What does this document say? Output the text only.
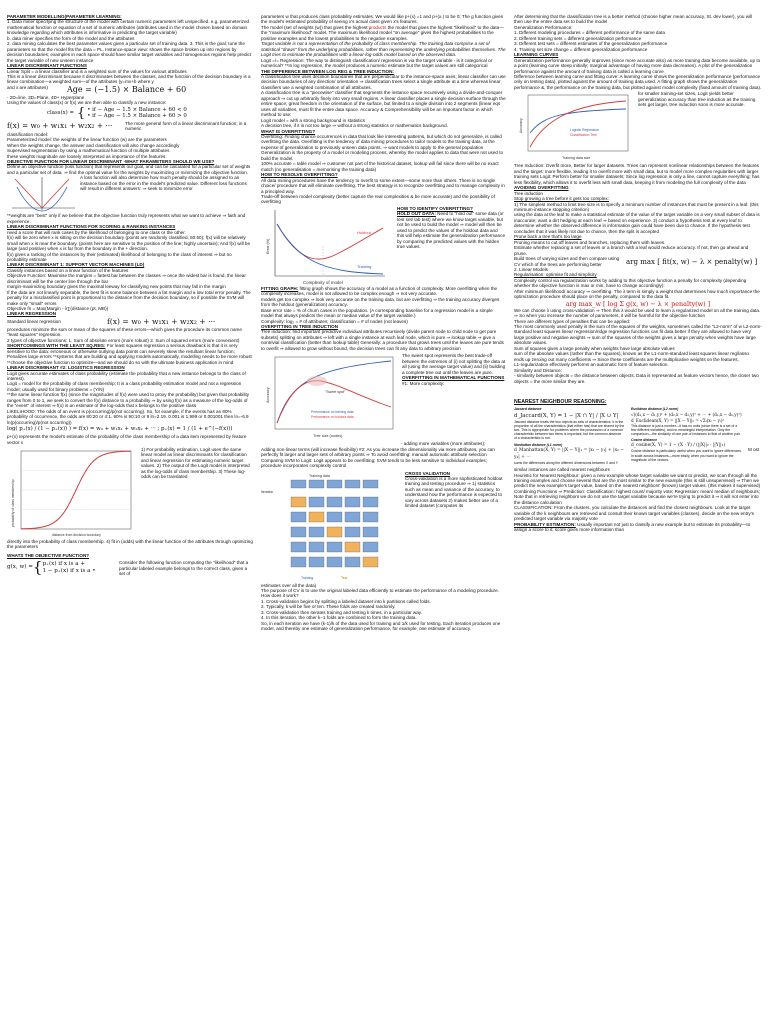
PARAMETER MODELLING(PARAMETER LEARNING:

1. Data miner specifying the structure of the model with certain numeric parameters left unspecified. e.g. parameterized mathematical function or equation of a set of numeric attributes (attributes used in the model chosen based on domain knowledge regarding which attributes is informative in predicting the target variable)

b. data miner specifies the form of the model and the attributes

2. data mining calculates the best parameter values given a particular set of training data. 3. This is the goal; tune the parameters so that the model fits the data = PL. Instance-space view: shows the space broken up into regions by decision boundaries; examples in each space should have similar target variables and homogenous regions help predict the target variable of new unseen instance

LINEAR DISCRIMINANT FUNCTIONS

Linear Split = a linear classifier and is a weighted sum of the values for various attributes

This is a linear discriminant because it discriminates between the classes, and the function of the decision boundary is a linear combination—a weighted sum—of the attributes (y=mx+b where y

and x are attributes)	Age = (−1.5) × Balance + 60

- 2D=line, 3D=Plane, 4D+ Hyperplane

Using the values of class(x) or f(x) we are then able to classify a new instance:

class(x) = { • if − Age − 1.5 × Balance + 60 < 0
• if − Age − 1.5 × Balance + 60 > 0
f(x) = w₀ + w₁x₁ + w₂x₂ + ···	The more general form of a linear discriminant function; in a numeric

classification model:

Parameterized model: the weights of the linear function (w) are the parameters

When the weights change, the answer and classification will also change accordingly

Supervised segmentation by using a mathematical function of multiple attributes

these weights magnitude are loosely interpreted as importance of the features:

OBJECTIVE FUNCTION FOR LINEAR DISCRIMINANT -WHAT PARAMETERS SHOULD WE USE?

Define an objective function (loss function) that represents our goal, and can be calculated for a particular set of weights and a particular set of data. ⇒ find the optimal value for the weights by maximizing or minimizing the objective function.

A loss function will also determine how much penalty should be assigned to an instance based on the error in the model's predicted value. Different loss functions will result in different answers: ⇒ seek to minimize error

**weights are "best" only if we believe that the objective function truly represents what we want to achieve ⇒ faith and experience.

LINEAR DISCRIMINANT FUNCTIONS FOR SCORING & RANKING INSTANCES

need a score that will rank cases by the likelihood of belonging to one class or the other.

f(x) will be zero when x is sitting on the decision boundary (points are randomly classified, 50:50); f(x) will be relatively small when x is near the boundary. (points here are sensitive to the position of the line; highly uncertain); And f(x) will be large (and positive) when x is far from the boundary in the + direction.

f(x) gives a ranking of the instances by their (estimated) likelihood of belonging to the class of interest ⇒ but no probability estimate

LINEAR DISCRIMINANT 1: SUPPORT VECTOR MACHINES (LD)

Classify instances based on a linear function of the features

Objective Function: Maximise the margins = fattest bar between the classes ⇒ once the widest bar is found, the linear discriminant will be the center line through the bar

margin-maximizing boundary gives the maximal leeway for classifying new points that may fall in the margin

If the data are not linearly separable, the best fit is some balance between a fat margin and a low total error penalty. The penalty for a misclassified point is proportional to the distance from the decision boundary, so if possible the SVM will make only "small" errors

Objective fn = Max(Margin - λ∑(distance (pt, MB))

LINEAR REGRESSION
Standard linear regression	f(x) = w₀ + w₁x₁ + w₂x₂ + ···

procedures minimize the sum or mean of the squares of these errors—which gives the procedure its common name "least squares" regression.

2 types of objective functions: 1. Sum of absolute errors (more robust) 2. Sum of squared errors (more convenient)

SHORTCOMINGS WITH THE LEAST SQ.REG: For least squares regression a serious drawback is that it is very sensitive to the data: erroneous or otherwise outlying data points can severely skew the resultant linear function; Penalizes large errors **systems that are building and applying models automatically, modelling needs to be more robust **choose the objective function to optimize—and we should do so with the ultimate business application in mind

LINEAR DISCRIMINANT #2: LOGISTICS REGRESSION

Logit gives accurate estimates of class probability (estimate the probability that a new instance belongs to the class of interest).

Logit = model for the probability of class membership; It is a class probability estimation model and not a regression model; usually used for binary problems = (Y/N)

**the same linear function f(x) (since the magnitudes of f(x) were used to proxy the probability) but given that probability ranges from 0 to 1, we seek to convert the f(x) distance to a probability ⇒ by using f(x) as a measure of the log-odds of the "event" of interest ⇒ f(x) is an estimate of the log-odds that x belongs to the positive class

LIKELIHOOD: The odds of an event is p(occurring)/p(not occurring). So, for example, if the events has an 80% probability of occurrence, the odds are 80:20 or 4:1. 90% is 90:10 or 9 ln=2.19. 0.001 is 1.999 or 0.001001 then ln=-6.9 ln(p(occurring)/p(not occurring))

log( p₊(x) / (1 − p₊(x)) ) = f(x) = w₀ + w₁x₁ + w₂x₂ + ··· ; p₊(x) = 1 / (1 + e^(−f(x)))

p+(x) represents the model's estimate of the probability of the class membership of a data item represented by feature vector x

probability of class membership
distance from decision boundary
1) For probability estimation, Logit uses the same linear model as linear discriminants for classification and linear regression for estimating numeric target values. 2) The output of the Logit model is interpreted as the log-odds of class membership. 3) These log-odds can be translated

directly into the probability of class membership. 4) fit in (odds) with the linear function of the attributes through optimizing the parameters

WHATS THE OBJECTIVE FUNCTION?
g(x, w) = { p₊(x) if x is a +
1 − p₊(x) if x is a •
Consider the following function computing the "likelihood" that a particular labeled example belongs to the correct class, given a set of

parameters w that produces class probability estimates. We would like p+(x) =1 and p+(x.) to be 0; The g function gives the model's estimated probability of seeing x's actual class given x's features.

The model (set of weights (w)) that gives the highest products the model that gives the highest "likelihood" to the data—the "maximum likelihood" model. The maximum likelihood model "on average" gives the highest probabilities to the positive examples and the lowest probabilities to the negative examples.

Target variable is not a representation of the probability of class membership. The training data comprise a set of statistical "draws" from the underlying probabilities, rather than representing the underlying probabilities themselves. The Logit tries to estimate the probabilities with a linear-log-odds model based on the observed data.

Logit =/= Regression: The way to distinguish classification/ regression is via the target variable - is it categorical or numerical? **In log regression, the model produces a numeric estimate but the target values are still categorical

THE DIFFERENCE BETWEEN LOG REG & TREE INDUCTION:

A classification tree uses decision boundaries that are perpendicular to the instance-space axes; linear classifier can use decision boundaries of any direction/ orientation ⇒ classification trees select a single attribute at a time whereas linear classifiers use a weighted combination of all attributes.

A classification tree is a "piecewise" classifier that segments the instance space recursively using a divide-and-conquer approach ⇒ cut up arbitrarily finely into very small regions. A linear classifier places a single decision surface through the entire space; great freedom in the orientation of the surface, but limited to a single division into 2 segments (linear eqs uses all variables, must fit the entire data space. Accuracy & Comprehensibility will be an important factor in which method to use:

Logit model = with a strong background in statistics

A decision tree, if it is not too large ⇒ without a strong statistics or mathematics background.

WHAT IS OVERFITTING?

Overfitting: Finding chance occurrences in data that look like interesting patterns, but which do not generalize, is called overfitting the data. Overfitting is the tendency of data mining procedures to tailor models to the training data, at the expense of generalization to previously unseen data points. ⇒ want models to apply to the general population

Generalization is the property of a model or modeling process, whereby the model applies to data that were not used to build the model.

100% accurate = table model ⇒ customer not part of the historical dataset, lookup will fail since there will be no exact match (no generalisation = memorising the training data)

HOW TO RESOLVE OVERFITTING?

All data mining procedures have the tendency to overfit to some extent—some more than others. There is no single choice/ procedure that will eliminate overfitting. The best strategy is to recognize overfitting and to manage complexity in a principled way.

Trade-off between model complexity (better capture the real complexities & be more accurate) and the possibility of overfitting

Holdout
Training
Error (%)
Complexity of model
HOW TO IDENTIFY OVERFITTING?
HOLD OUT DATA: Need to "hold out" some data (or test set/ lab test) where we know target variable, but not be used to build the model ⇒ model will then be used to predict the values of the holdout data and this will help estimate the generalization performance by comparing the predicted values with the hidden true values.

FITTING GRAPH: fitting graph shows the accuracy of a model as a function of complexity. More overfitting when the complexity increases, model is not allowed to be complex enough ⇒ not very accurate.

models get too complex ⇒ look very accurate on the training data, but are overfitting ⇒ the training accuracy diverges from the holdout (generalization) accuracy.

Base error rate = % of churn cases in the population. (A corresponding baseline for a regression model is a simple model that always predicts the mean or median value of the target variable.)

Complexity: log₂ = # of attributes; classification = # of nodes (not leaves)

OVERFITTING IN TREE INDUCTION

Tree induction: find important predictive individual attributes recursively (divide parent node to child node to get pure subsets) splitting on attributes ⇒ left with a single instance at each leaf node, which is pure ⇒ lookup table ⇒ give a nontrivial classification (better than lookup table) Generally: a procedure that grows trees until the leaves are pure tends to overfit ⇒ allowed to grow without bound, the decision trees can fit any data to arbitrary precision

"Sweet spot"
Performance on training data
Performance on holdout data
Accuracy
Tree size (nodes)
The sweet spot represents the best trade-off between the extremes of (i) not splitting the data at all (using the average target value) and (ii) building a complete tree out until the leaves are pure.
OVERFITTING IN MATHEMATICAL FUNCTIONS
#1: More complexity:
- adding more variables (more attributes);

Adding non-linear terms (will increase flexibility) #2: As you increase the dimensionality via more attributes, you can perfectly fit larger and larger sets of arbitrary points ⇒ To avoid overfitting: manual/ automatic attribute selection

Comparing SVM to Logit: Logit appears to be overfitting; SVM tends to be less sensitive to individual examples; procedure incorporates complexity control

Training data
Iteration
Training	Test
CROSS VALIDATION
Cross-validation is a more sophisticated holdout training and testing procedure ⇒ 1) statistics such as mean and variance of the accuracy, to understand how the performance is expected to vary across datasets 2) makes better use of a limited dataset (computes its

estimates over all the data)

The purpose of CV is to use the original labeled data efficiently to estimate the performance of a modeling procedure.

How does it work?

1. Cross-validation begins by splitting a labeled dataset into k partitions called folds.

2. Typically, k will be five or ten. These folds are created randomly.

3. Cross-validation then iterates training and testing k times, in a particular way.

4. In this iteration, the other k−1 folds are combined to form the training data.

So, in each iteration we have (k-1)/k of the data used for training and 1/k used for testing. Each iteration produces one model, and thereby one estimate of generalization performance, for example, one estimate of accuracy.

After determining that the classification tree is a better method (choose higher mean accuracy, St. dev lower), you will then use the entire data set to build the model

Generalization Performance:

1. Different modeling procedures = different performance of the same data

2. Different training sets = different generalization performance

3. Different test sets = different estimates of the generalization performance

4. Training set size change = different generalization performance

LEARNING CURVES

Generalization performance generally improves (since more accurate also) as more training data become available, up to a point (learning curve steep initially; marginal advantage of having more data decreases). A plot of the generalization performance against the amount of training data is called a learning curve

Difference between learning curve and fitting curve: A learning curve shows the generalization performance (performance only on testing data), plotted against the amount of training data used. A fitting graph shows the generalization performance &, the performance on the training data, but plotted against model complexity (fixed amount of training data).

Logistic Regression
Classification Tree
Accuracy
Training data size
for smaller training-set sizes, Logit yields better generalization accuracy than tree induction as the training sets get larger, tree induction soon is more accurate.

Tree Induction: Overfit more, Better for larger datasets. Trees can represent nonlinear relationships between the features and the target; more flexible, leading it to overfit more with small data, but to model more complex regularities with larger training sets Logit: Perform better for smaller datasets; Since log regression is only a line, cannot capture everything; has less flexibility, which allows it to overfit less with small data, keeping it from modeling the full complexity of the data

AVOIDING OVERFITTING

Tree induction

Stop growing a tree before it gets too complex:

1) The simplest method to limit tree size is to specify a minimum number of instances that must be present in a leaf. (this minimum-instance stopping criterion)

using the data at the leaf to make a statistical estimate of the value of the target variable on a very small subset of data is inaccurate; want a dirt hedging at each leaf ⇒ based on experience. 2) conduct a hypothesis test at every leaf to determine whether the observed difference in information gain could have been due to chance. If the hypothesis test concludes that it was likely not due to chance, then the split is accepted

Prune back a tree that's too large

Pruning means to cut off leaves and branches, replacing them with leaves.

Estimate whether replacing a set of leaves or a branch with a leaf would reduce accuracy. If not, then go ahead and prune.

Build trees of varying sizes and then compare using CV which of the trees are performing better	arg max [ fit(x, w) − λ × penalty(w) ]

2. Linear Models

Regularisation: optimise fit and simplicity

Complexity control via regularization works by adding to this objective function a penalty for complexity (depending whether the objective function is max or min, have to change accordingly):

After minimum likelihood/ accuracy ⇒ overfitting. The λ term is simply a weight that determines how much importance the optimization procedure should place on the penalty, compared to the data fit.

arg max_w [ log Σ g(x, w) − λ × penalty(w) ]

We can choose λ using cross-validation ⇒ Then this λ would be used to learn a regularized model on all the training data. ⇒ So when you increase the number of parameters, it will be harmful for the objective function

There are different types of penalties that can be applied:

The most commonly used penalty is the sum of the squares of the weights, sometimes called the "L2-norm" of w L2-norm-standard least squares linear regression/ridge regression functions can fit data better if they are allowed to have very large positive and negative weights ⇒ sum of the squares of the weights gives a large penalty when weights have large absolute values.

Sum of squares gives a large penalty when weights have large absolute values

sum of the absolute values (rather than the squares), known as the L1-norm-standard least squares linear reg/lasso

ends up zeroing out many coefficients ⇒ Since these coefficients are the multiplicative weights on the features,

L1-regularization effectively performs an automatic form of feature selection.

Similarity and Distance:

- similarity between objects = the distance between objects: Data is represented as feature vectors hence, the closer two objects = the more similar they are.

NEAREST NEIGHBOUR REASONING:
Jaccard distance
d_Jaccard(X, Y) = 1 − |X ∩ Y| / |X ∪ Y|
Jaccard distance treats the two objects as sets of characteristics. It is the proportion of all the characteristics (that either has) that are shared by the two. This is appropriate for problems where the possession of a common characteristic between two items is important, but the common absence of a characteristic is not.
Manhattan distance (L1 norm)
d_Manhattan(X, Y) = ||X − Y||₁ = |x₁ − y₁| + |x₂ − y₂| + ⋯
sums the differences along the different dimensions between X and Y
Euclidean distance (L2 norm)
√((d₁,x − d₁,y)² + (d₂,x − d₂,y)² + ⋯ + (dₙ,x − dₙ,y)²)
d_Euclidean(X, Y) = ||X − Y||₂ = √Σᵢ(xᵢ − yᵢ)²
This distance is just a number—it has no units (since there is a set of a few different variables), and no meaningful interpretation. Only the comparison—the similarity of one pair of instances to that of another pair.
Cosine distance
d_cosine(X, Y) = 1 − (X · Y) / (||X||₂ · ||Y||₂)
Cosine distance is particularly useful when you want to ignore differences in scale across instances—more easily, when you want to ignore the magnitude of the vectors.
M ost

similar instances are called nearest neighbours

Heuristic for Nearest Neighbour: given a new example whose target variable we want to predict, we scan through all the training examples and choose several that are the most similar to the new example (this is still unsupervised) ⇒ Then we predict the new example's target value, based on the nearest neighbors' (known) target values. (this makes it supervised)

Combining Functions ⇒ Prediction: Classification: highest count/ majority vote; Regression: mean/ median of neighbours; Note that in retrieving neighbors we do not use the target variable because we're trying to predict it ⇒ it will not enter into the distance calculation

CLASSIFICATION: From the clusters, you calculate the distances and find the closest neighbours. Look at the target variable of the k neighbours are retrieved and consult their known target variables (classes), decide on the new entry's predicted target variable via majority vote

PROBABILITY ESTIMATION: Usually important not just to classify a new example but to estimate its probability—to assign a score to it; score gives more information than
